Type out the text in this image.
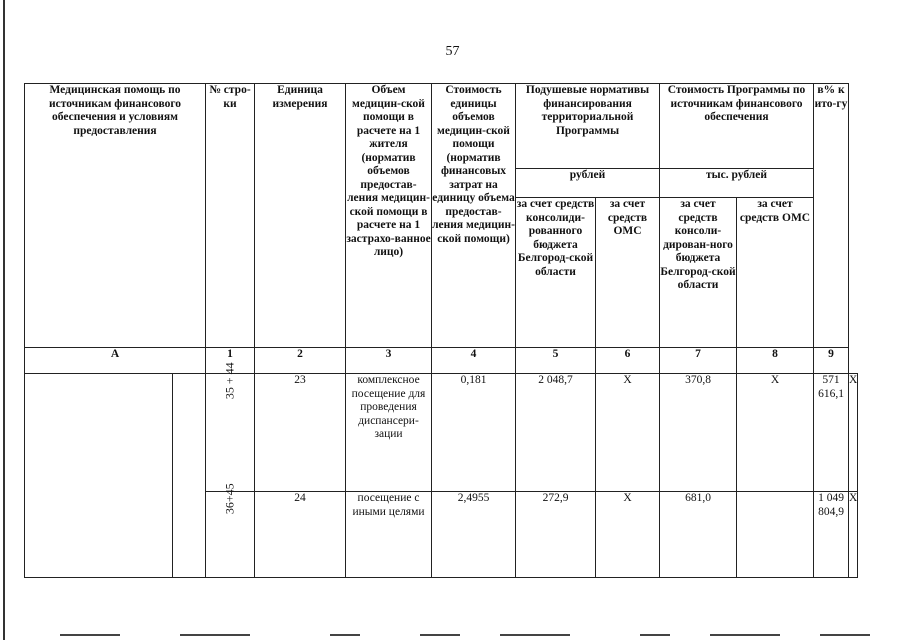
57
Медицинская помощь по источникам финансового обеспечения и условиям предоставления		№ стро-ки	Единица измерения	Объем медицин-ской помощи в расчете на 1 жителя (норматив объемов предостав-ления медицин-ской помощи в расчете на 1 застрахо-ванное лицо)	Стоимость единицы объемов медицин-ской помощи (норматив финансовых затрат на единицу объема предостав-ления медицин-ской помощи)	Подушевые нормативы финансирования территориальной Программы		Стоимость Программы по источникам финансового обеспечения		в% к ито-гу	
						рублей		тыс. рублей			
						за счет средств консолиди-рованного бюджета Белгород-ской области	за счет средств ОМС	за счет средств консоли-дирован-ного бюджета Белгород-ской области	за счет средств ОМС		
А		1	2	3	4	5	6	7	8	9	
		35 + 44	23	комплексное посещение для проведения диспансери-зации	0,181	2 048,7	X	370,8	X	571 616,1	X
		36+45	24	посещение с иными целями	2,4955	272,9	X	681,0		1 049 804,9	X
